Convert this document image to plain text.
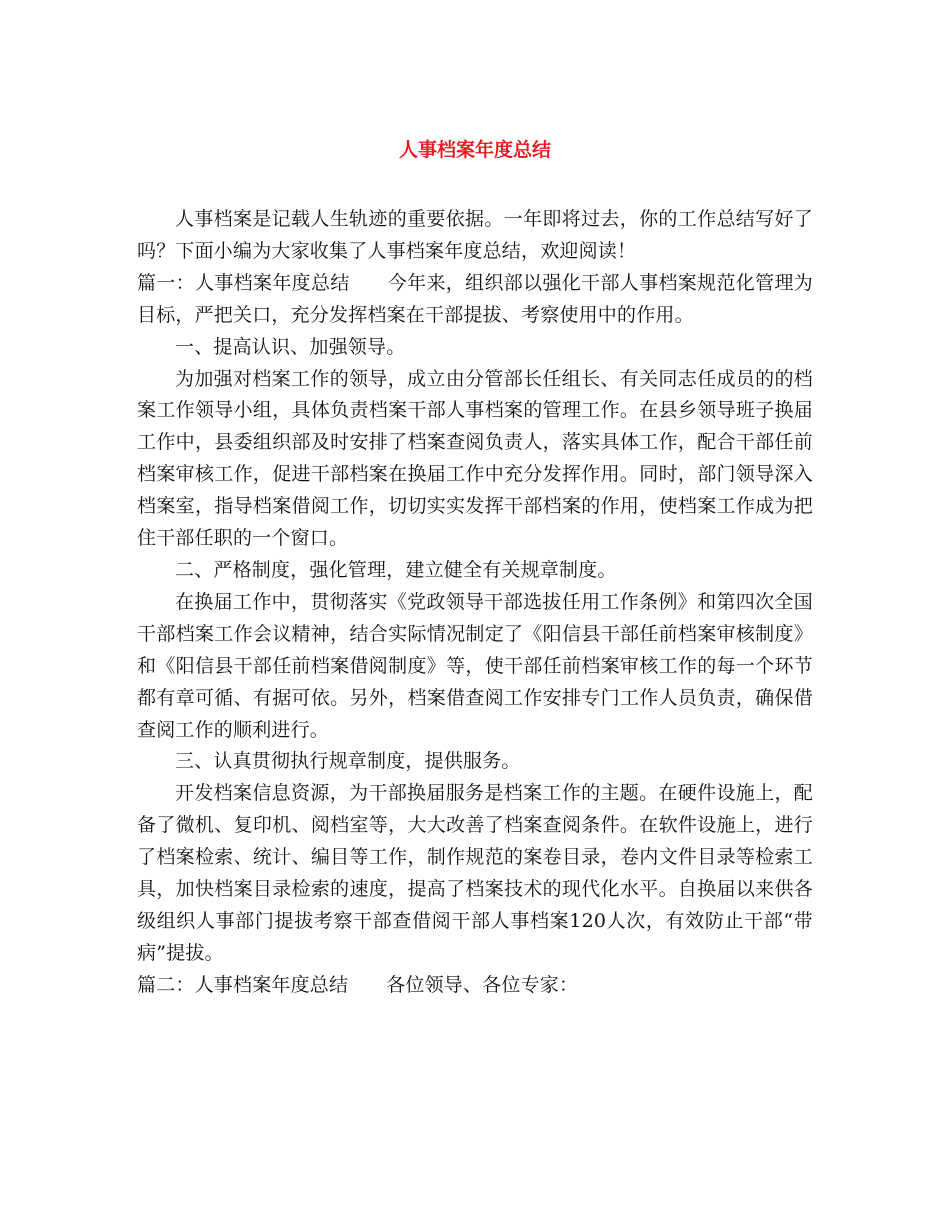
人事档案年度总结

人事档案是记载人生轨迹的重要依据。一年即将过去，你的工作总结写好了吗？下面小编为大家收集了人事档案年度总结，欢迎阅读！

篇一：人事档案年度总结 今年来，组织部以强化干部人事档案规范化管理为目标，严把关口，充分发挥档案在干部提拔、考察使用中的作用。

一、提高认识、加强领导。

为加强对档案工作的领导，成立由分管部长任组长、有关同志任成员的的档案工作领导小组，具体负责档案干部人事档案的管理工作。在县乡领导班子换届工作中，县委组织部及时安排了档案查阅负责人，落实具体工作，配合干部任前档案审核工作，促进干部档案在换届工作中充分发挥作用。同时，部门领导深入档案室，指导档案借阅工作，切切实实发挥干部档案的作用，使档案工作成为把住干部任职的一个窗口。

二、严格制度，强化管理，建立健全有关规章制度。

在换届工作中，贯彻落实《党政领导干部选拔任用工作条例》和第四次全国干部档案工作会议精神，结合实际情况制定了《阳信县干部任前档案审核制度》和《阳信县干部任前档案借阅制度》等，使干部任前档案审核工作的每一个环节都有章可循、有据可依。另外，档案借查阅工作安排专门工作人员负责，确保借查阅工作的顺利进行。

三、认真贯彻执行规章制度，提供服务。

开发档案信息资源，为干部换届服务是档案工作的主题。在硬件设施上，配备了微机、复印机、阅档室等，大大改善了档案查阅条件。在软件设施上，进行了档案检索、统计、编目等工作，制作规范的案卷目录，卷内文件目录等检索工具，加快档案目录检索的速度，提高了档案技术的现代化水平。自换届以来供各级组织人事部门提拔考察干部查借阅干部人事档案120人次，有效防止干部“带病”提拔。

篇二：人事档案年度总结 各位领导、各位专家：
